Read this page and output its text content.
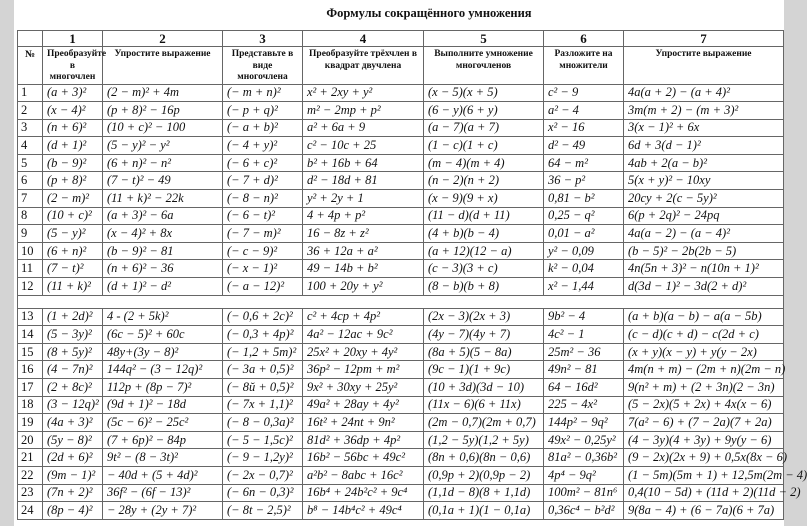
Формулы сокращённого умножения
	1	2	3	4	5	6	7
№	Преобразуйте в многочлен	Упростите выражение	Представьте в виде многочлена	Преобразуйте трёхчлен в квадрат двучлена	Выполните умножение многочленов	Разложите на множители	Упростите выражение
1	(a + 3)²	(2 − m)² + 4m	(− m + n)²	x² + 2xy + y²	(x − 5)(x + 5)	c² − 9	4a(a + 2) − (a + 4)²
2	(x − 4)²	(p + 8)² − 16p	(− p + q)²	m² − 2mp + p²	(6 − y)(6 + y)	a² − 4	3m(m + 2) − (m + 3)²
3	(n + 6)²	(10 + c)² − 100	(− a + b)²	a² + 6a + 9	(a − 7)(a + 7)	x² − 16	3(x − 1)² + 6x
4	(d + 1)²	(5 − y)² − y²	(− 4 + y)²	c² − 10c + 25	(1 − c)(1 + c)	d² − 49	6d + 3(d − 1)²
5	(b − 9)²	(6 + n)² − n²	(− 6 + c)²	b² + 16b + 64	(m − 4)(m + 4)	64 − m²	4ab + 2(a − b)²
6	(p + 8)²	(7 − t)² − 49	(− 7 + d)²	d² − 18d + 81	(n − 2)(n + 2)	36 − p²	5(x + y)² − 10xy
7	(2 − m)²	(11 + k)² − 22k	(− 8 − n)²	y² + 2y + 1	(x − 9)(9 + x)	0,81 − b²	20cy + 2(c − 5y)²
8	(10 + c)²	(a + 3)² − 6a	(− 6 − t)²	4 + 4p + p²	(11 − d)(d + 11)	0,25 − q²	6(p + 2q)² − 24pq
9	(5 − y)²	(x − 4)² + 8x	(− 7 − m)²	16 − 8z + z²	(4 + b)(b − 4)	0,01 − a²	4a(a − 2) − (a − 4)²
10	(6 + n)²	(b − 9)² − 81	(− c − 9)²	36 + 12a + a²	(a + 12)(12 − a)	y² − 0,09	(b − 5)² − 2b(2b − 5)
11	(7 − t)²	(n + 6)² − 36	(− x − 1)²	49 − 14b + b²	(c − 3)(3 + c)	k² − 0,04	4n(5n + 3)² − n(10n + 1)²
12	(11 + k)²	(d + 1)² − d²	(− a − 12)²	100 + 20y + y²	(8 − b)(b + 8)	x² − 1,44	d(3d − 1)² − 3d(2 + d)²

13	(1 + 2d)²	4 - (2 + 5k)²	(− 0,6 + 2c)²	c² + 4cp + 4p²	(2x − 3)(2x + 3)	9b² − 4	(a + b)(a − b) − a(a − 5b)
14	(5 − 3y)²	(6c − 5)² + 60c	(− 0,3 + 4p)²	4a² − 12ac + 9c²	(4y − 7)(4y + 7)	4c² − 1	(c − d)(c + d) − c(2d + c)
15	(8 + 5y)²	48y+(3y − 8)²	(− 1,2 + 5m)²	25x² + 20xy + 4y²	(8a + 5)(5 − 8a)	25m² − 36	(x + y)(x − y) + y(y − 2x)
16	(4 − 7n)²	144q² − (3 − 12q)²	(− 3a + 0,5)²	36p² − 12pm + m²	(9c − 1)(1 + 9c)	49n² − 81	4m(n + m) − (2m + n)(2m − n)
17	(2 + 8c)²	112p + (8p − 7)²	(− 8ŭ + 0,5)²	9x² + 30xy + 25y²	(10 + 3d)(3d − 10)	64 − 16d²	9(n² + m) + (2 + 3n)(2 − 3n)
18	(3 − 12q)²	(9d + 1)² − 18d	(− 7x + 1,1)²	49a² + 28ay + 4y²	(11x − 6)(6 + 11x)	225 − 4x²	(5 − 2x)(5 + 2x) + 4x(x − 6)
19	(4a + 3)²	(5c − 6)² − 25c²	(− 8 − 0,3a)²	16t² + 24nt + 9n²	(2m − 0,7)(2m + 0,7)	144p² − 9q²	7(a² − 6) + (7 − 2a)(7 + 2a)
20	(5y − 8)²	(7 + 6p)² − 84p	(− 5 − 1,5c)²	81d² + 36dp + 4p²	(1,2 − 5y)(1,2 + 5y)	49x² − 0,25y²	(4 − 3y)(4 + 3y) + 9y(y − 6)
21	(2d + 6)²	9t² − (8 − 3t)²	(− 9 − 1,2y)²	16b² − 56bc + 49c²	(8n + 0,6)(8n − 0,6)	81a² − 0,36b²	(9 − 2x)(2x + 9) + 0,5x(8x − 6)
22	(9m − 1)²	− 40d + (5 + 4d)²	(− 2x − 0,7)²	a²b² − 8abc + 16c²	(0,9p + 2)(0,9p − 2)	4p⁴ − 9q²	(1 − 5m)(5m + 1) + 12,5m(2m − 4)
23	(7n + 2)²	36f² − (6f − 13)²	(− 6n − 0,3)²	16b⁴ + 24b²c² + 9c⁴	(1,1d − 8)(8 + 1,1d)	100m² − 81n⁶	0,4(10 − 5d) + (11d + 2)(11d − 2)
24	(8p − 4)²	− 28y + (2y + 7)²	(− 8t − 2,5)²	b⁸ − 14b⁴c² + 49c⁴	(0,1a + 1)(1 − 0,1a)	0,36c⁴ − b²d²	9(8a − 4) + (6 − 7a)(6 + 7a)
